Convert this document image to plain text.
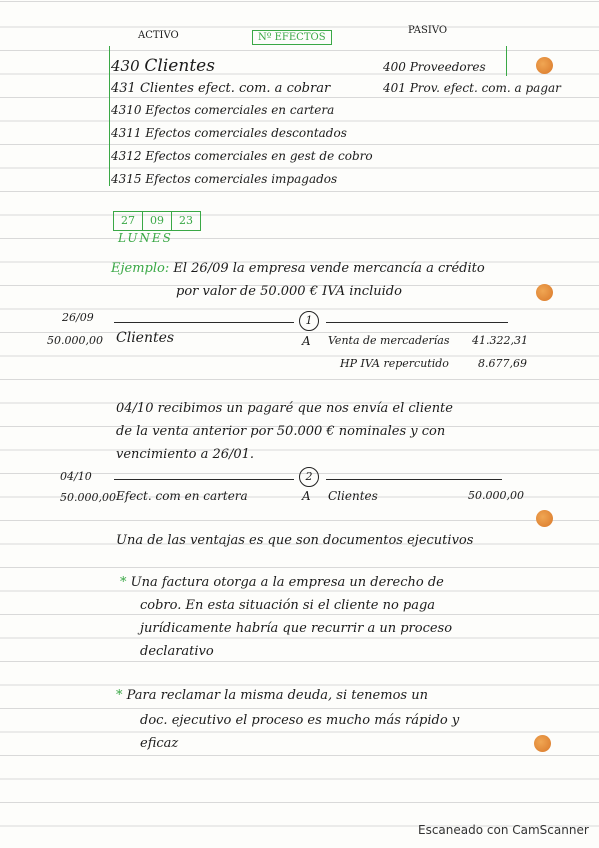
ACTIVO	Nº EFECTOS
PASIVO
430 Clientes
431 Clientes efect. com. a cobrar
4310 Efectos comerciales en cartera
4311 Efectos comerciales descontados
4312 Efectos comerciales en gest de cobro
4315 Efectos comerciales impagados
400 Proveedores
401 Prov. efect. com. a pagar
27 09 23
LUNES
Ejemplo: El 26/09 la empresa vende mercancía a crédito
por valor de 50.000 € IVA incluido
26/09
50.000,00
1
Clientes	A Venta de mercaderías 41.322,31
HP IVA repercutido	8.677,69
04/10 recibimos un pagaré que nos envía el cliente
de la venta anterior por 50.000 € nominales y con
vencimiento a 26/01.
04/10
50.000,00
2
Efect. com en cartera	A Clientes	50.000,00
Una de las ventajas es que son documentos ejecutivos
* Una factura otorga a la empresa un derecho de
cobro. En esta situación si el cliente no paga
jurídicamente habría que recurrir a un proceso
declarativo
* Para reclamar la misma deuda, si tenemos un
doc. ejecutivo el proceso es mucho más rápido y
eficaz
Escaneado con CamScanner
